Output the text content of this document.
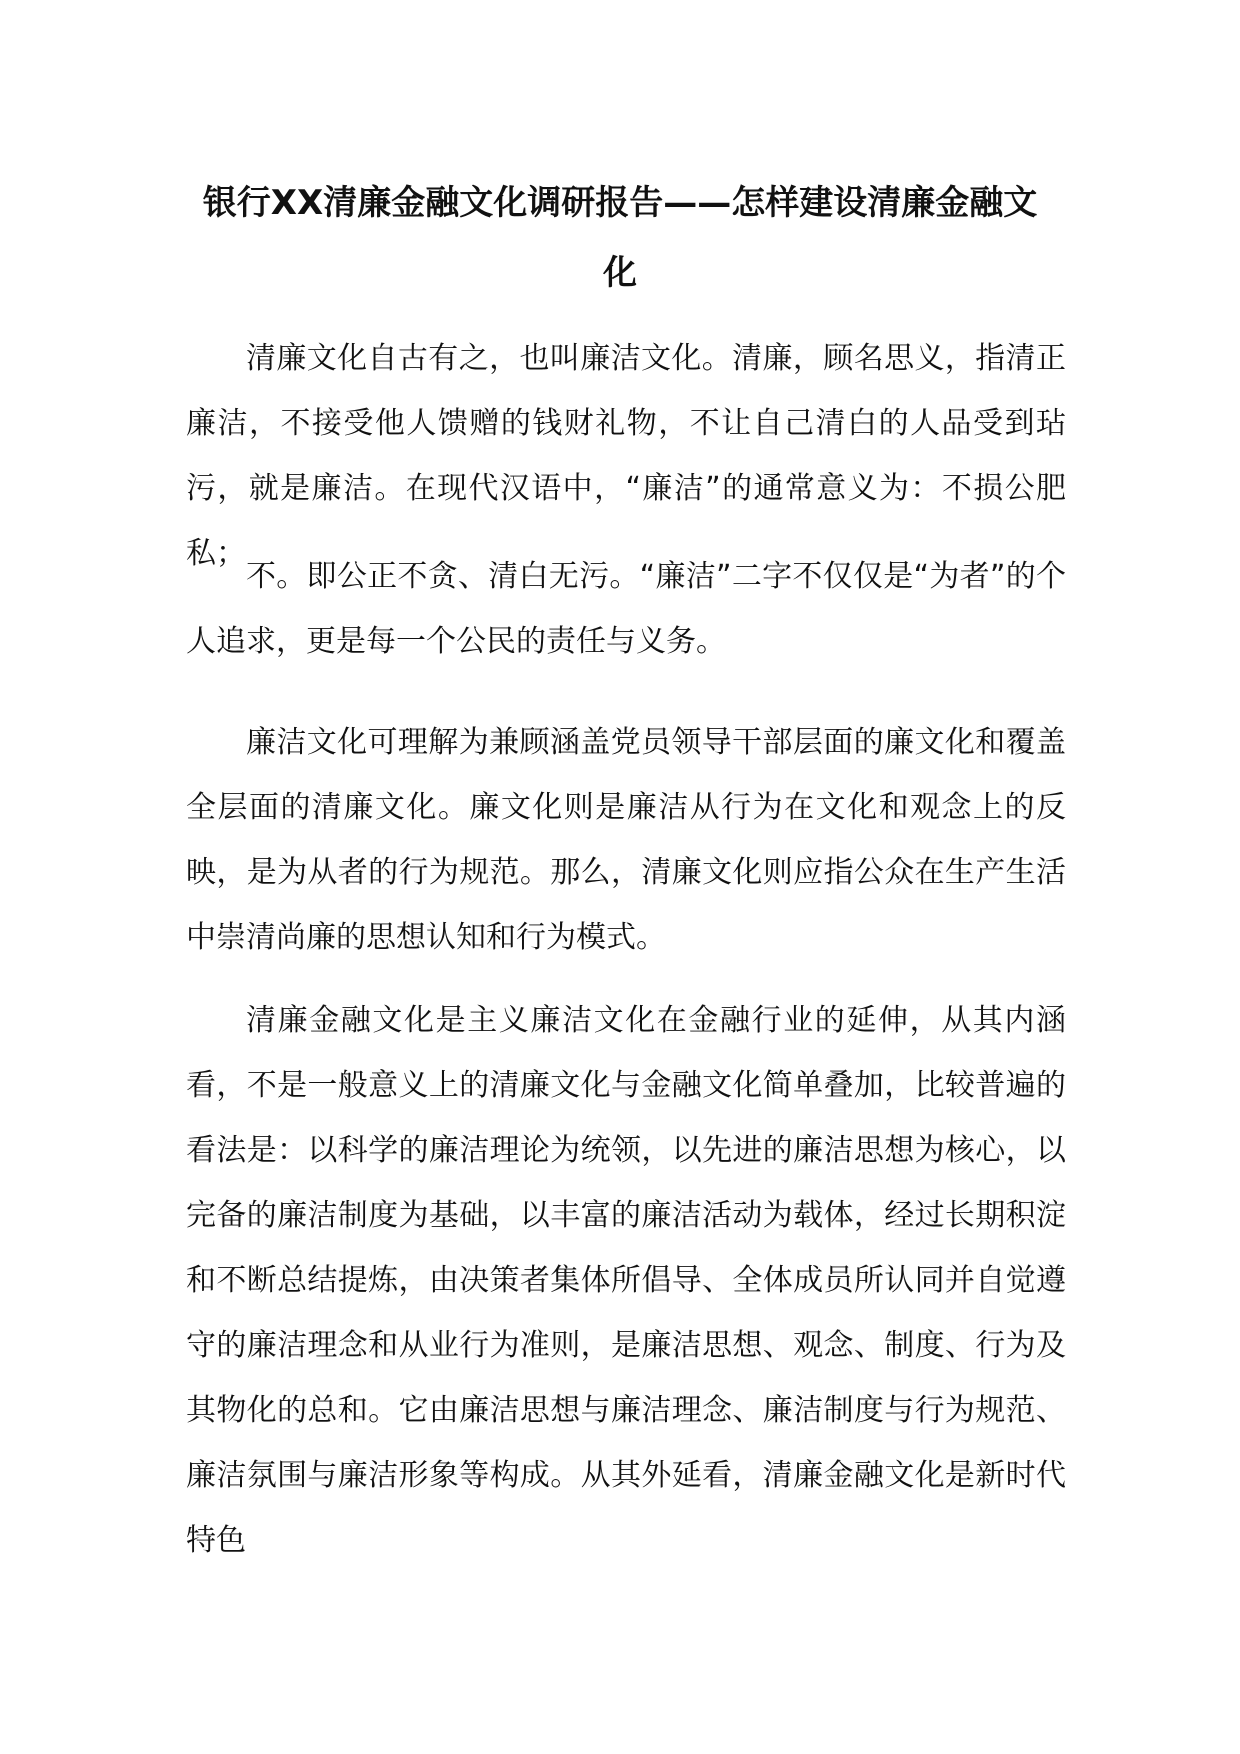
银行XX清廉金融文化调研报告——怎样建设清廉金融文化

清廉文化自古有之，也叫廉洁文化。清廉，顾名思义，指清正廉洁，不接受他人馈赠的钱财礼物，不让自己清白的人品受到玷污，就是廉洁。在现代汉语中，“廉洁”的通常意义为：不损公肥私；

不。即公正不贪、清白无污。“廉洁”二字不仅仅是“为者”的个人追求，更是每一个公民的责任与义务。

廉洁文化可理解为兼顾涵盖党员领导干部层面的廉文化和覆盖全层面的清廉文化。廉文化则是廉洁从行为在文化和观念上的反映，是为从者的行为规范。那么，清廉文化则应指公众在生产生活中崇清尚廉的思想认知和行为模式。

清廉金融文化是主义廉洁文化在金融行业的延伸，从其内涵看，不是一般意义上的清廉文化与金融文化简单叠加，比较普遍的看法是：以科学的廉洁理论为统领，以先进的廉洁思想为核心，以完备的廉洁制度为基础，以丰富的廉洁活动为载体，经过长期积淀和不断总结提炼，由决策者集体所倡导、全体成员所认同并自觉遵守的廉洁理念和从业行为准则，是廉洁思想、观念、制度、行为及其物化的总和。它由廉洁思想与廉洁理念、廉洁制度与行为规范、廉洁氛围与廉洁形象等构成。从其外延看，清廉金融文化是新时代特色
